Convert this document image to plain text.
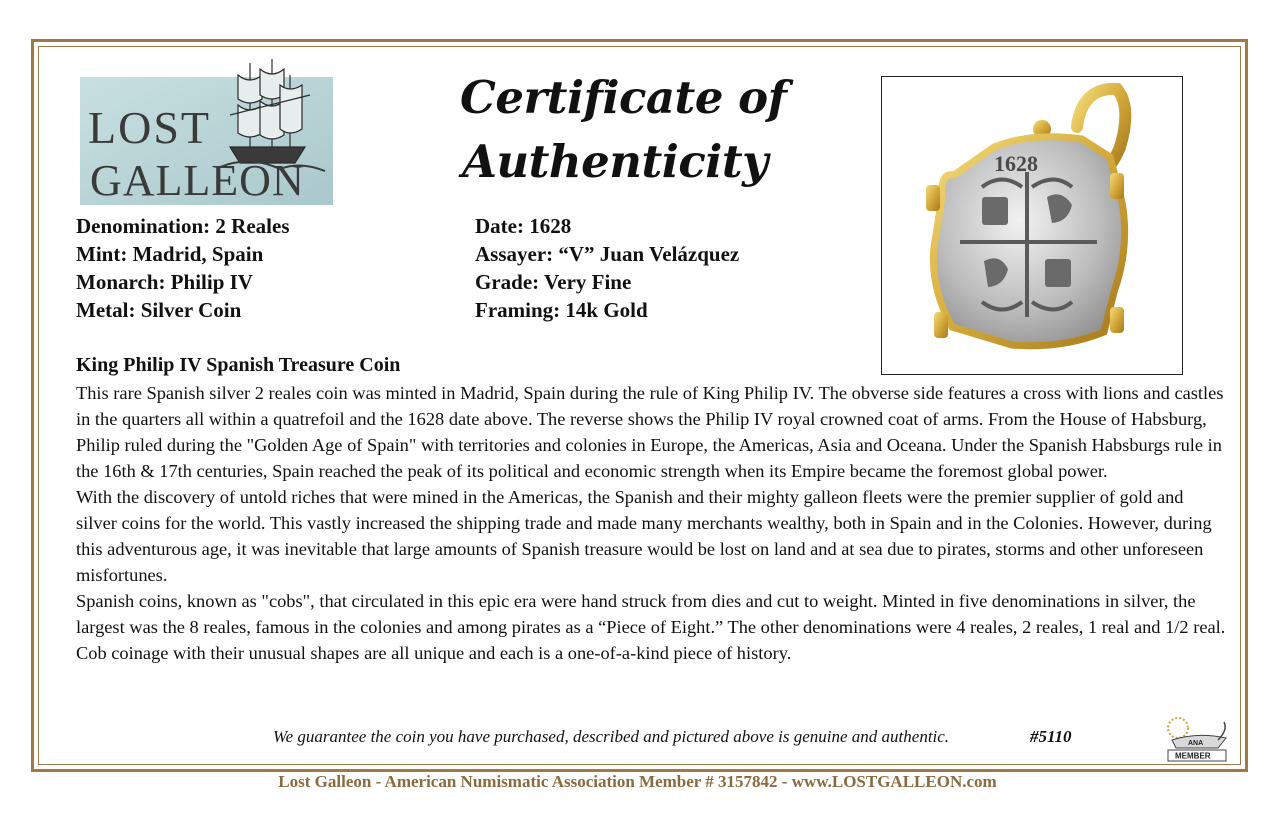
LOST
GALLEON
Certificate of
Authenticity	1628
Denomination: 2 Reales
Mint: Madrid, Spain
Monarch: Philip IV
Metal: Silver Coin
Date: 1628
Assayer: “V” Juan Velázquez
Grade: Very Fine
Framing: 14k Gold
King Philip IV Spanish Treasure Coin

This rare Spanish silver 2 reales coin was minted in Madrid, Spain during the rule of King Philip IV. The obverse side features a cross with lions and castles in the quarters all within a quatrefoil and the 1628 date above. The reverse shows the Philip IV royal crowned coat of arms. From the House of Habsburg, Philip ruled during the "Golden Age of Spain" with territories and colonies in Europe, the Americas, Asia and Oceana. Under the Spanish Habsburgs rule in the 16th & 17th centuries, Spain reached the peak of its political and economic strength when its Empire became the foremost global power.

With the discovery of untold riches that were mined in the Americas, the Spanish and their mighty galleon fleets were the premier supplier of gold and silver coins for the world. This vastly increased the shipping trade and made many merchants wealthy, both in Spain and in the Colonies. However, during this adventurous age, it was inevitable that large amounts of Spanish treasure would be lost on land and at sea due to pirates, storms and other unforeseen misfortunes.

Spanish coins, known as "cobs", that circulated in this epic era were hand struck from dies and cut to weight. Minted in five denominations in silver, the largest was the 8 reales, famous in the colonies and among pirates as a “Piece of Eight.” The other denominations were 4 reales, 2 reales, 1 real and 1/2 real. Cob coinage with their unusual shapes are all unique and each is a one-of-a-kind piece of history.

We guarantee the coin you have purchased, described and pictured above is genuine and authentic.	#5110	ANA
MEMBER
Lost Galleon - American Numismatic Association Member # 3157842 - www.LOSTGALLEON.com
